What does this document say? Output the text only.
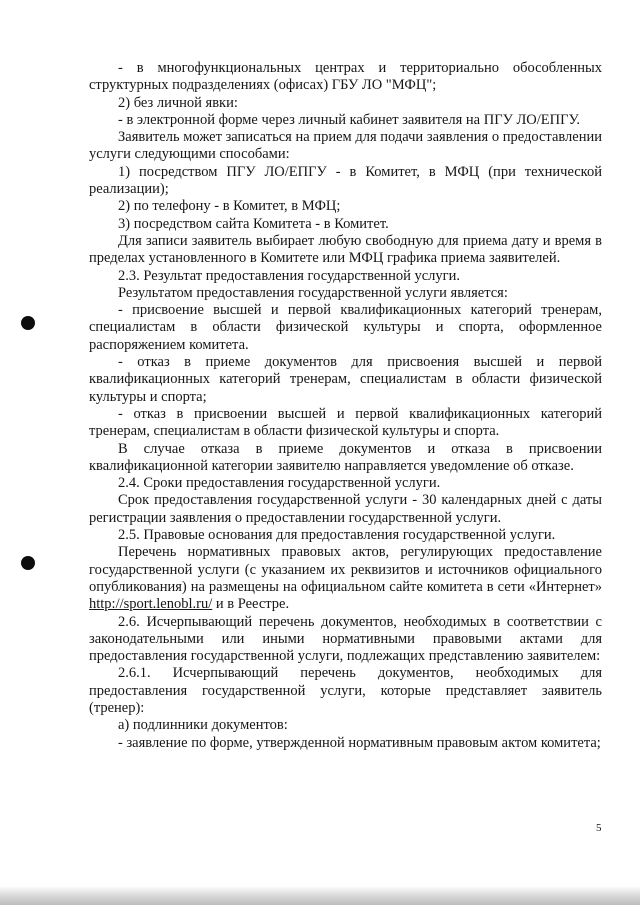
- в многофункциональных центрах и территориально обособленных структурных подразделениях (офисах) ГБУ ЛО "МФЦ";

2) без личной явки:

- в электронной форме через личный кабинет заявителя на ПГУ ЛО/ЕПГУ.

Заявитель может записаться на прием для подачи заявления о предоставлении услуги следующими способами:

1) посредством ПГУ ЛО/ЕПГУ - в Комитет, в МФЦ (при технической реализации);

2) по телефону - в Комитет, в МФЦ;

3) посредством сайта Комитета - в Комитет.

Для записи заявитель выбирает любую свободную для приема дату и время в пределах установленного в Комитете или МФЦ графика приема заявителей.

2.3. Результат предоставления государственной услуги.

Результатом предоставления государственной услуги является:

- присвоение высшей и первой квалификационных категорий тренерам, специалистам в области физической культуры и спорта, оформленное распоряжением комитета.

- отказ в приеме документов для присвоения высшей и первой квалификационных категорий тренерам, специалистам в области физической культуры и спорта;

- отказ в присвоении высшей и первой квалификационных категорий тренерам, специалистам в области физической культуры и спорта.

В случае отказа в приеме документов и отказа в присвоении квалификационной категории заявителю направляется уведомление об отказе.

2.4. Сроки предоставления государственной услуги.

Срок предоставления государственной услуги - 30 календарных дней с даты регистрации заявления о предоставлении государственной услуги.

2.5. Правовые основания для предоставления государственной услуги.

Перечень нормативных правовых актов, регулирующих предоставление государственной услуги (с указанием их реквизитов и источников официального опубликования) на размещены на официальном сайте комитета в сети «Интернет» http://sport.lenobl.ru/ и в Реестре.

2.6. Исчерпывающий перечень документов, необходимых в соответствии с законодательными или иными нормативными правовыми актами для предоставления государственной услуги, подлежащих представлению заявителем:

2.6.1. Исчерпывающий перечень документов, необходимых для предоставления государственной услуги, которые представляет заявитель (тренер):

а) подлинники документов:

- заявление по форме, утвержденной нормативным правовым актом комитета;

5
